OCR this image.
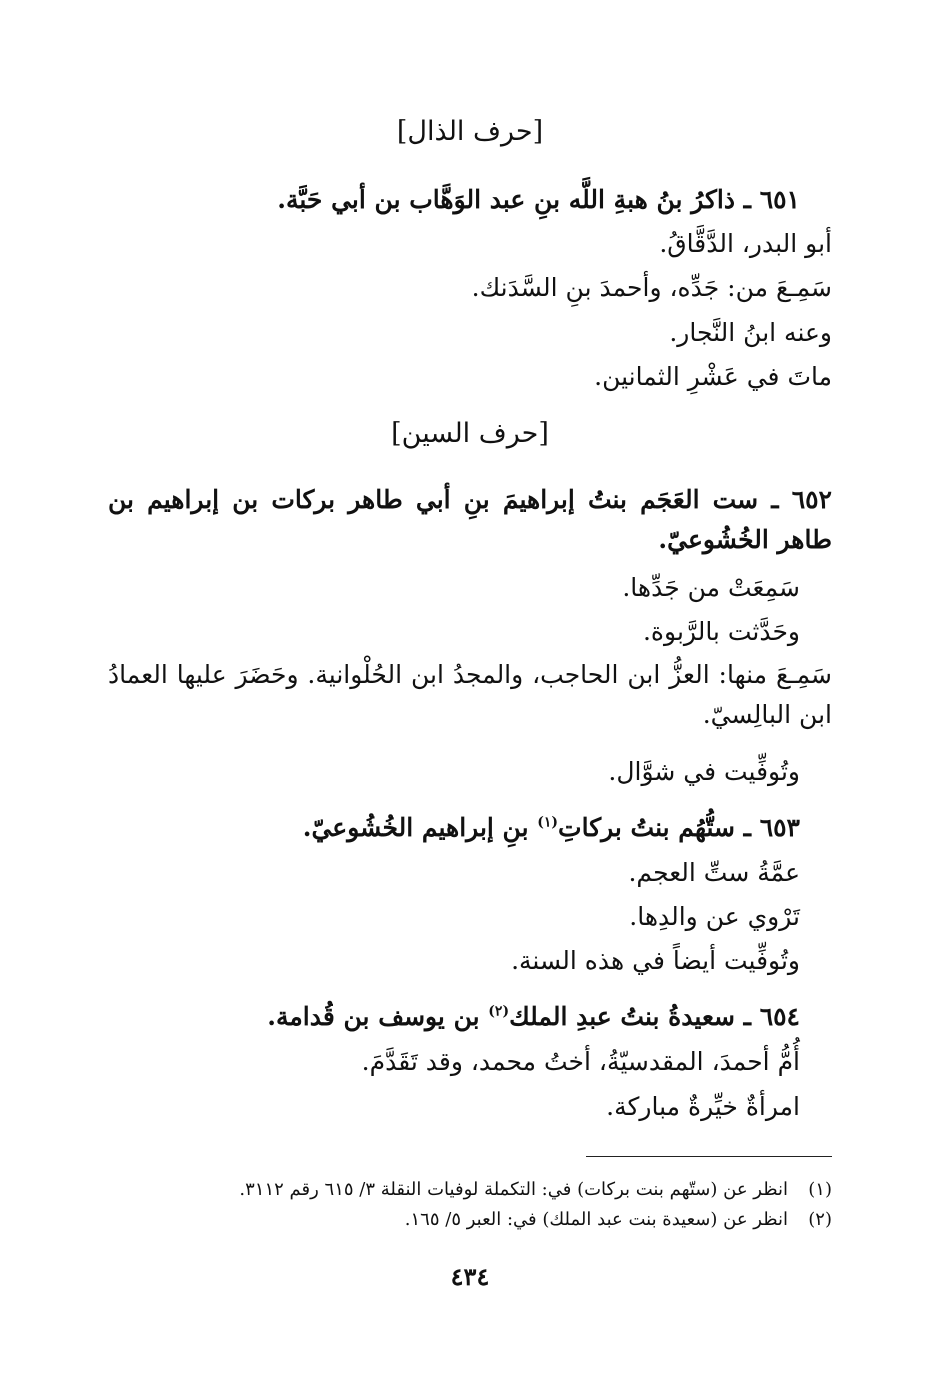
[حرف الذال]
٦٥١ ـ ذاكرُ بنُ هبةِ اللَّه بنِ عبد الوَهَّاب بن أبي حَبَّة.
أبو البدر، الدَّقَّاقُ.
سَمِـعَ من: جَدِّه، وأحمدَ بنِ السَّدَنك.
وعنه ابنُ النَّجار.
ماتَ في عَشْرِ الثمانين.
[حرف السين]
٦٥٢ ـ ست العَجَم بنتُ إبراهيمَ بنِ أبي طاهر بركات بن إبراهيم بن طاهر الخُشُوعيّ.
سَمِعَتْ من جَدِّها.
وحَدَّثت بالرَّبوة.
سَمِـعَ منها: العزُّ ابن الحاجب، والمجدُ ابن الحُلْوانية. وحَضَرَ عليها العمادُ ابن البالِسيّ.
وتُوفِّيت في شوَّال.
٦٥٣ ـ ستُّهُم بنتُ بركاتِ$^{(١)}$ بنِ إبراهيم الخُشُوعيّ.
عمَّةُ ستِّ العجم.
تَرْوي عن والدِها.
وتُوفِّيت أيضاً في هذه السنة.
٦٥٤ ـ سعيدةُ بنتُ عبدِ الملك$^{(٢)}$ بن يوسف بن قُدامة.
أُمُّ أحمدَ، المقدسيّةُ، أختُ محمد، وقد تَقَدَّمَ.
امرأةٌ خيِّرةٌ مباركة.
(١)انظر عن (ستّهم بنت بركات) في: التكملة لوفيات النقلة ٣/ ٦١٥ رقم ٣١١٢.
(٢)انظر عن (سعيدة بنت عبد الملك) في: العبر ٥/ ١٦٥.
٤٣٤
